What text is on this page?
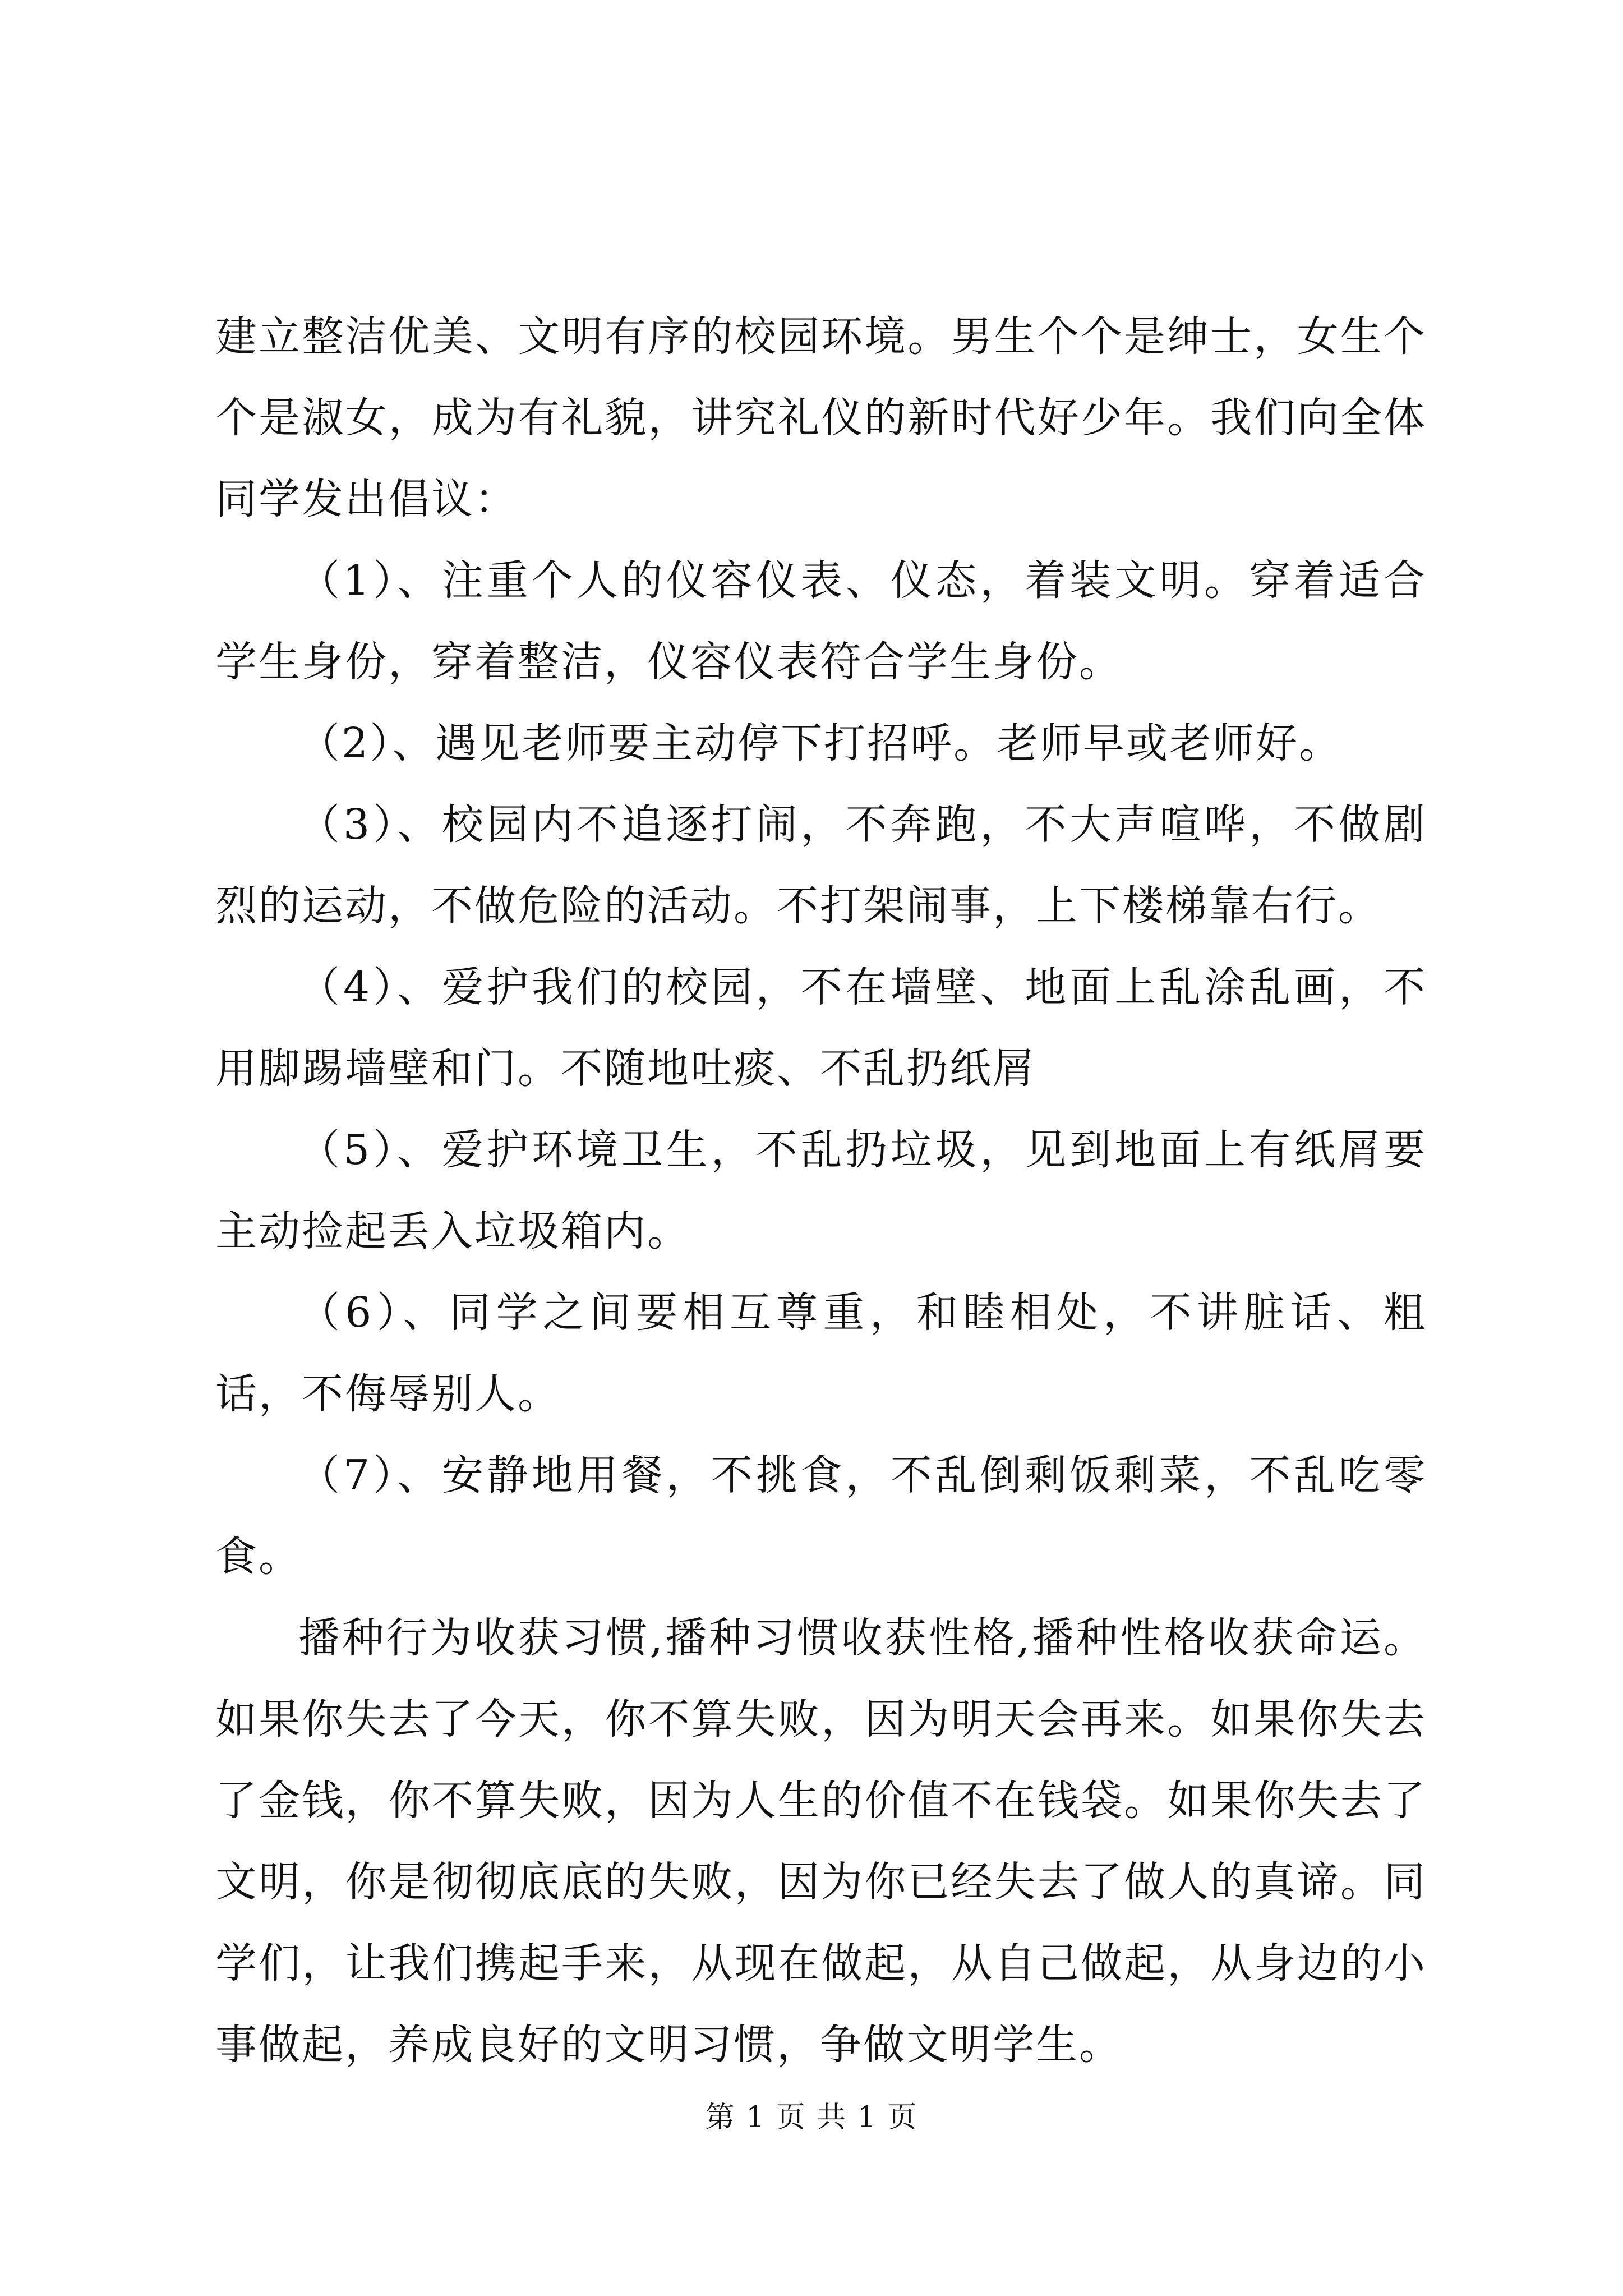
建立整洁优美、文明有序的校园环境。男生个个是绅士，女生个个是淑女，成为有礼貌，讲究礼仪的新时代好少年。我们向全体同学发出倡议：

（1）、注重个人的仪容仪表、仪态，着装文明。穿着适合学生身份，穿着整洁，仪容仪表符合学生身份。

（2）、遇见老师要主动停下打招呼。老师早或老师好。

（3）、校园内不追逐打闹，不奔跑，不大声喧哗，不做剧烈的运动，不做危险的活动。不打架闹事，上下楼梯靠右行。

（4）、爱护我们的校园，不在墙壁、地面上乱涂乱画，不用脚踢墙壁和门。不随地吐痰、不乱扔纸屑

（5）、爱护环境卫生，不乱扔垃圾，见到地面上有纸屑要主动捡起丢入垃圾箱内。

（6）、同学之间要相互尊重，和睦相处，不讲脏话、粗话，不侮辱别人。

（7）、安静地用餐，不挑食，不乱倒剩饭剩菜，不乱吃零食。

播种行为收获习惯,播种习惯收获性格,播种性格收获命运。如果你失去了今天，你不算失败，因为明天会再来。如果你失去了金钱，你不算失败，因为人生的价值不在钱袋。如果你失去了文明，你是彻彻底底的失败，因为你已经失去了做人的真谛。同学们，让我们携起手来，从现在做起，从自己做起，从身边的小事做起，养成良好的文明习惯，争做文明学生。

第 1 页 共 1 页
